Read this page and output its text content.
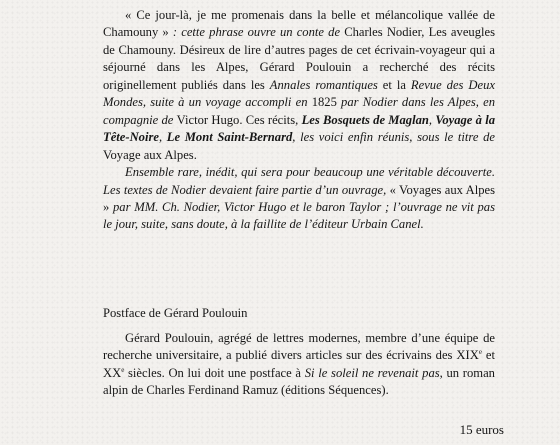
« Ce jour-là, je me promenais dans la belle et mélancolique vallée de Chamouny » : cette phrase ouvre un conte de Charles Nodier, Les aveugles de Chamouny. Désireux de lire d’autres pages de cet écrivain-voyageur qui a séjourné dans les Alpes, Gérard Poulouin a recherché des récits originellement publiés dans les Annales romantiques et la Revue des Deux Mondes, suite à un voyage accompli en 1825 par Nodier dans les Alpes, en compagnie de Victor Hugo. Ces récits, Les Bosquets de Maglan, Voyage à la Tête-Noire, Le Mont Saint-Bernard, les voici enfin réunis, sous le titre de Voyage aux Alpes.

Ensemble rare, inédit, qui sera pour beaucoup une véritable découverte. Les textes de Nodier devaient faire partie d’un ouvrage, « Voyages aux Alpes » par MM. Ch. Nodier, Victor Hugo et le baron Taylor ; l’ouvrage ne vit pas le jour, suite, sans doute, à la faillite de l’éditeur Urbain Canel.

Postface de Gérard Poulouin

Gérard Poulouin, agrégé de lettres modernes, membre d’une équipe de recherche universitaire, a publié divers articles sur des écrivains des XIXe et XXe siècles. On lui doit une postface à Si le soleil ne revenait pas, un roman alpin de Charles Ferdinand Ramuz (éditions Séquences).

15 euros
